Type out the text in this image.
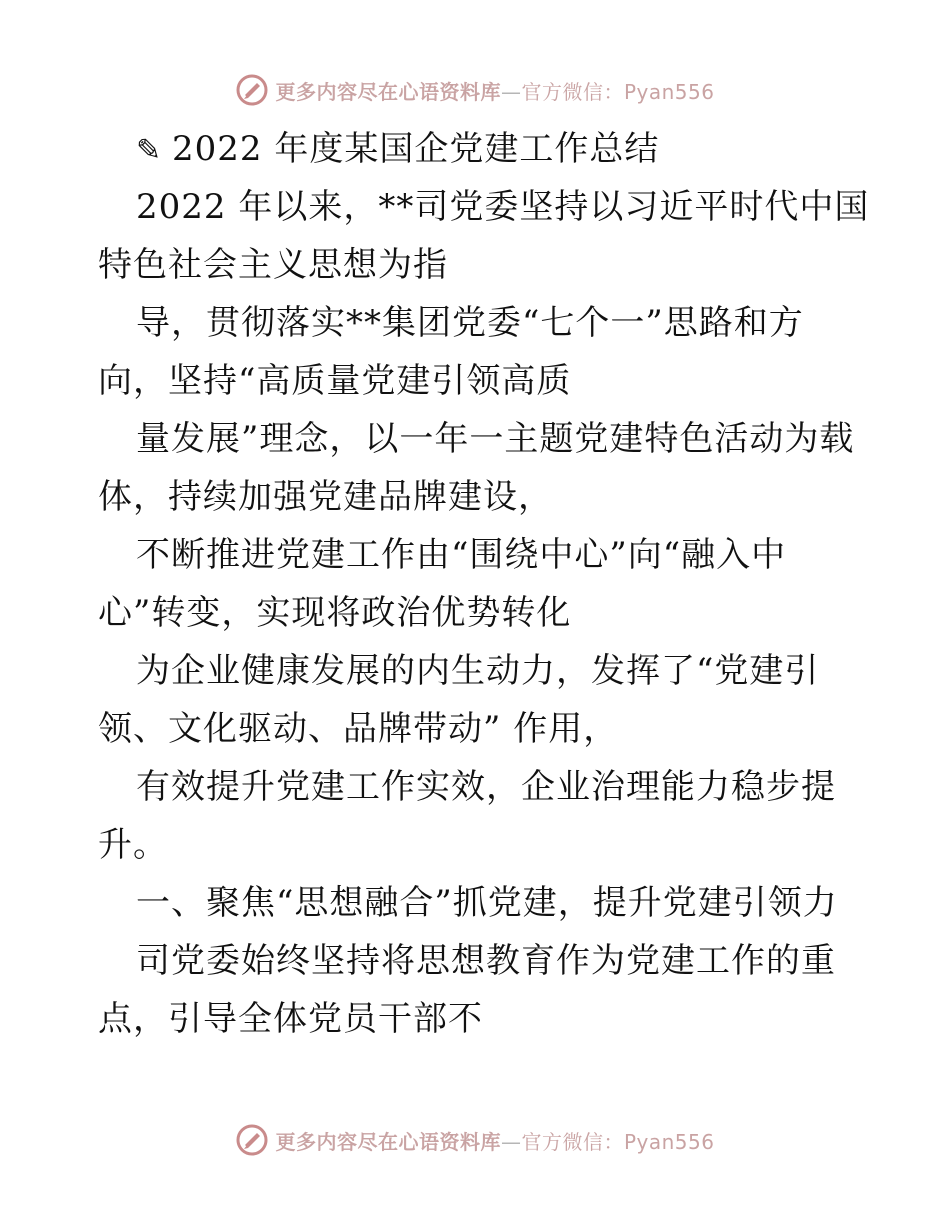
更多内容尽在心语资料库—官方微信：Pyan556
✎ 2022 年度某国企党建工作总结
2022 年以来，**司党委坚持以习近平时代中国
特色社会主义思想为指
导，贯彻落实**集团党委“七个一”思路和方
向，坚持“高质量党建引领高质
量发展”理念，以一年一主题党建特色活动为载
体，持续加强党建品牌建设，
不断推进党建工作由“围绕中心”向“融入中
心”转变，实现将政治优势转化
为企业健康发展的内生动力，发挥了“党建引
领、文化驱动、品牌带动” 作用，
有效提升党建工作实效，企业治理能力稳步提
升。
一、聚焦“思想融合”抓党建，提升党建引领力
司党委始终坚持将思想教育作为党建工作的重
点，引导全体党员干部不
更多内容尽在心语资料库—官方微信：Pyan556
